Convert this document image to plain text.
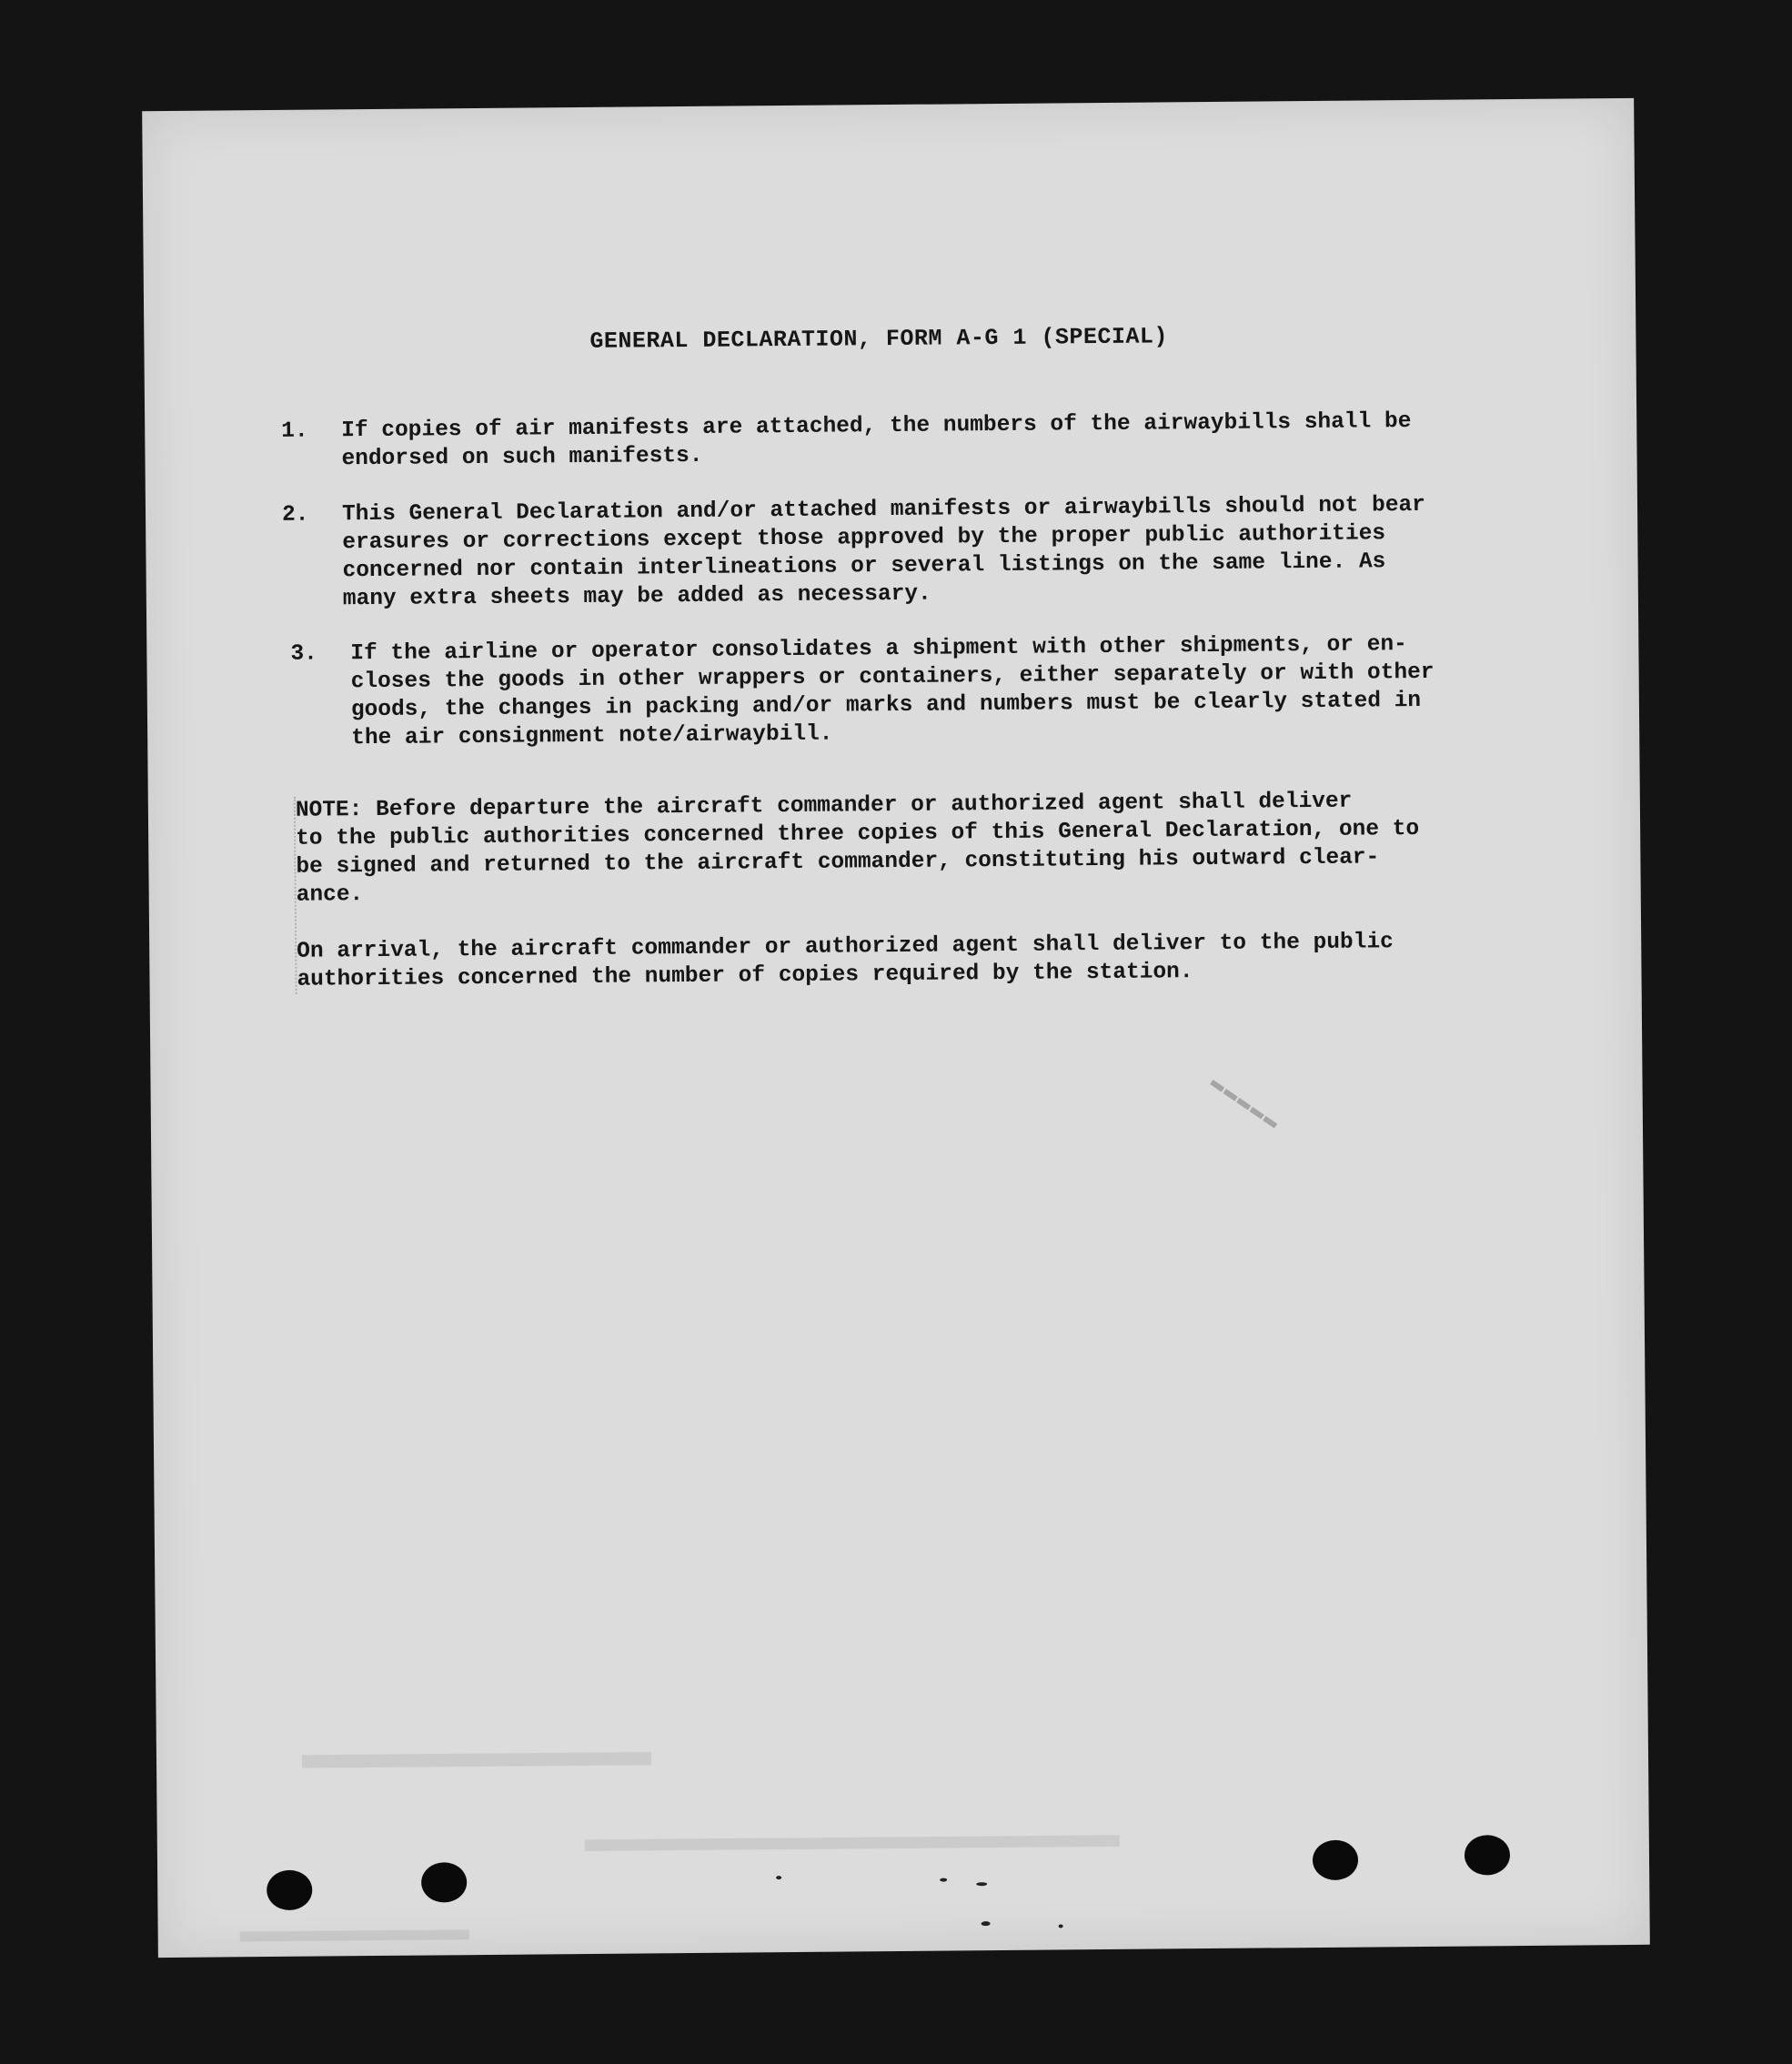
▬▬▬▬▬▬▬▬
▬▬▬▬▬▬▬▬▬▬▬▬▬▬
▬▬▬▬▬▬▬
GENERAL DECLARATION, FORM A-G 1 (SPECIAL)
1.	If copies of air manifests are attached, the numbers of the airwaybills shall be
endorsed on such manifests.
2.	This General Declaration and/or attached manifests or airwaybills should not bear
erasures or corrections except those approved by the proper public authorities
concerned nor contain interlineations or several listings on the same line. As
many extra sheets may be added as necessary.
3.	If the airline or operator consolidates a shipment with other shipments, or en-
closes the goods in other wrappers or containers, either separately or with other
goods, the changes in packing and/or marks and numbers must be clearly stated in
the air consignment note/airwaybill.

NOTE: Before departure the aircraft commander or authorized agent shall deliver
to the public authorities concerned three copies of this General Declaration, one to
be signed and returned to the aircraft commander, constituting his outward clear-
ance.

On arrival, the aircraft commander or authorized agent shall deliver to the public
authorities concerned the number of copies required by the station.

▬▬▬▬▬
